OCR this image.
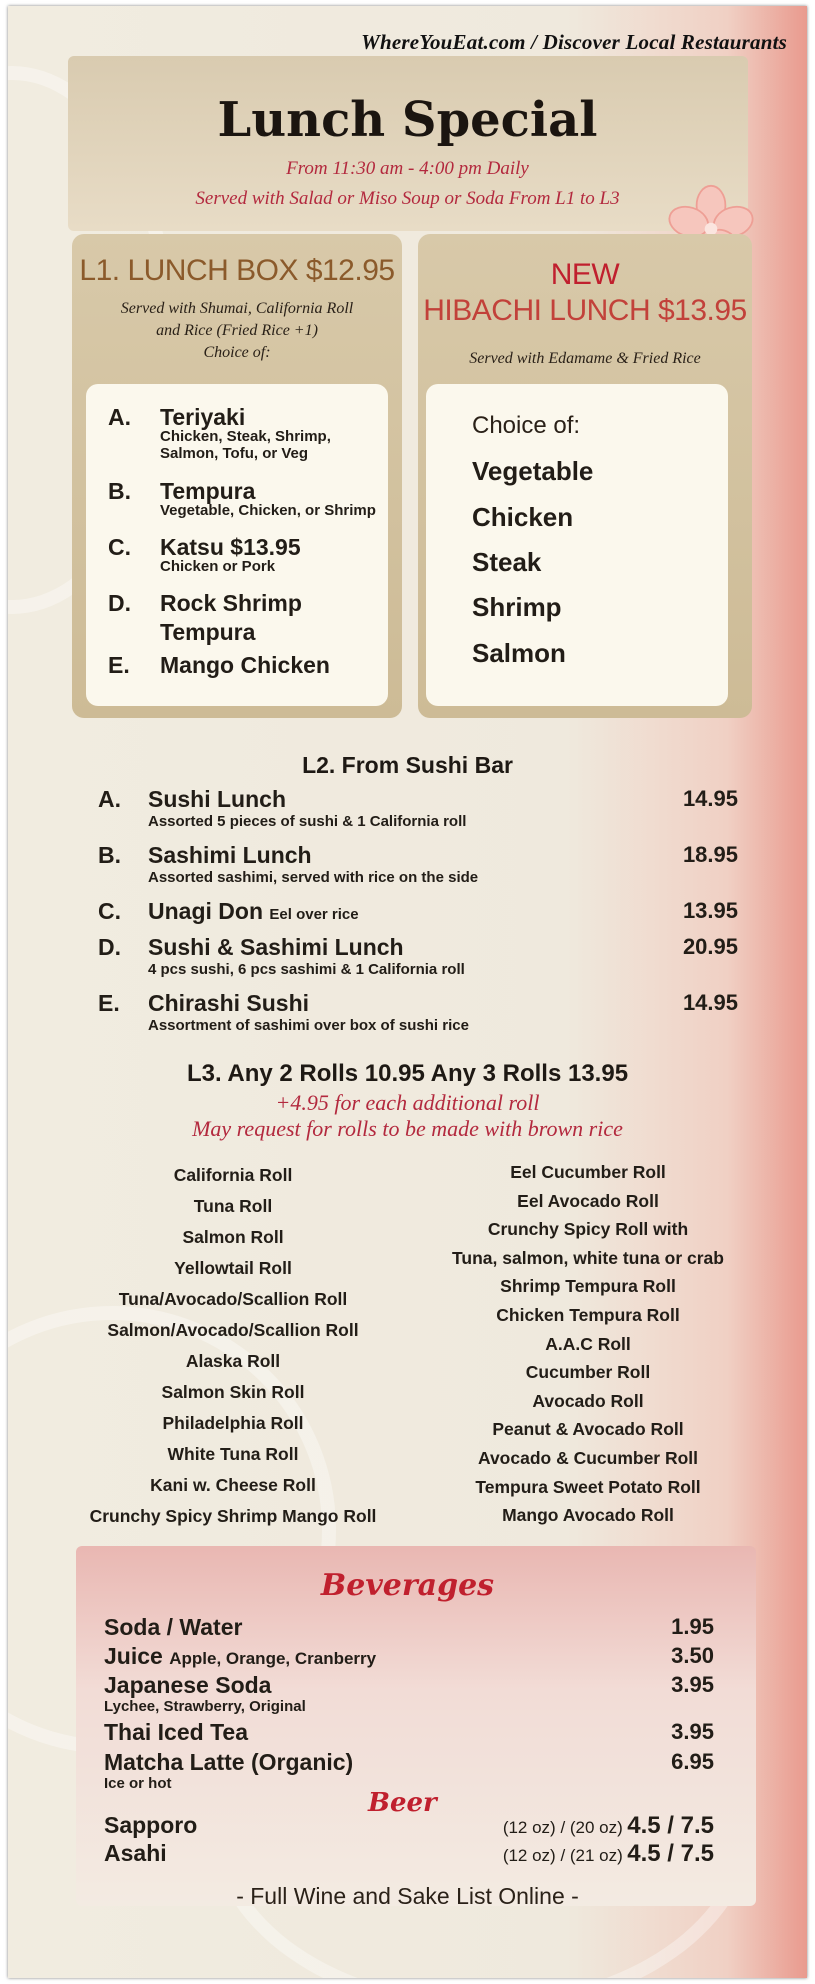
WhereYouEat.com / Discover Local Restaurants
Lunch Special
From 11:30 am - 4:00 pm Daily
Served with Salad or Miso Soup or Soda From L1 to L3
L1. LUNCH BOX $12.95
Served with Shumai, California Roll
and Rice (Fried Rice +1)
Choice of:
A. Teriyaki
Chicken, Steak, Shrimp,
Salmon, Tofu, or Veg
B. Tempura
Vegetable, Chicken, or Shrimp
C. Katsu $13.95
Chicken or Pork
D. Rock Shrimp
Tempura
E. Mango Chicken
NEW
HIBACHI LUNCH $13.95
Served with Edamame & Fried Rice
Choice of:
Vegetable
Chicken
Steak
Shrimp
Salmon
L2. From Sushi Bar
A. Sushi Lunch
Assorted 5 pieces of sushi & 1 California roll
14.95
B. Sashimi Lunch
Assorted sashimi, served with rice on the side
18.95
C. Unagi Don Eel over rice	13.95
D. Sushi & Sashimi Lunch
4 pcs sushi, 6 pcs sashimi & 1 California roll
20.95
E. Chirashi Sushi
Assortment of sashimi over box of sushi rice
14.95
L3. Any 2 Rolls 10.95 Any 3 Rolls 13.95
+4.95 for each additional roll
May request for rolls to be made with brown rice
California Roll
Tuna Roll
Salmon Roll
Yellowtail Roll
Tuna/Avocado/Scallion Roll
Salmon/Avocado/Scallion Roll
Alaska Roll
Salmon Skin Roll
Philadelphia Roll
White Tuna Roll
Kani w. Cheese Roll
Crunchy Spicy Shrimp Mango Roll
Eel Cucumber Roll
Eel Avocado Roll
Crunchy Spicy Roll with
Tuna, salmon, white tuna or crab
Shrimp Tempura Roll
Chicken Tempura Roll
A.A.C Roll
Cucumber Roll
Avocado Roll
Peanut & Avocado Roll
Avocado & Cucumber Roll
Tempura Sweet Potato Roll
Mango Avocado Roll
Beverages
Soda / Water	1.95
Juice Apple, Orange, Cranberry	3.50
Japanese Soda
Lychee, Strawberry, Original
3.95
Thai Iced Tea	3.95
Matcha Latte (Organic)
Ice or hot
6.95
Beer
Sapporo	(12 oz) / (20 oz) 4.5 / 7.5
Asahi	(12 oz) / (21 oz) 4.5 / 7.5
- Full Wine and Sake List Online -
